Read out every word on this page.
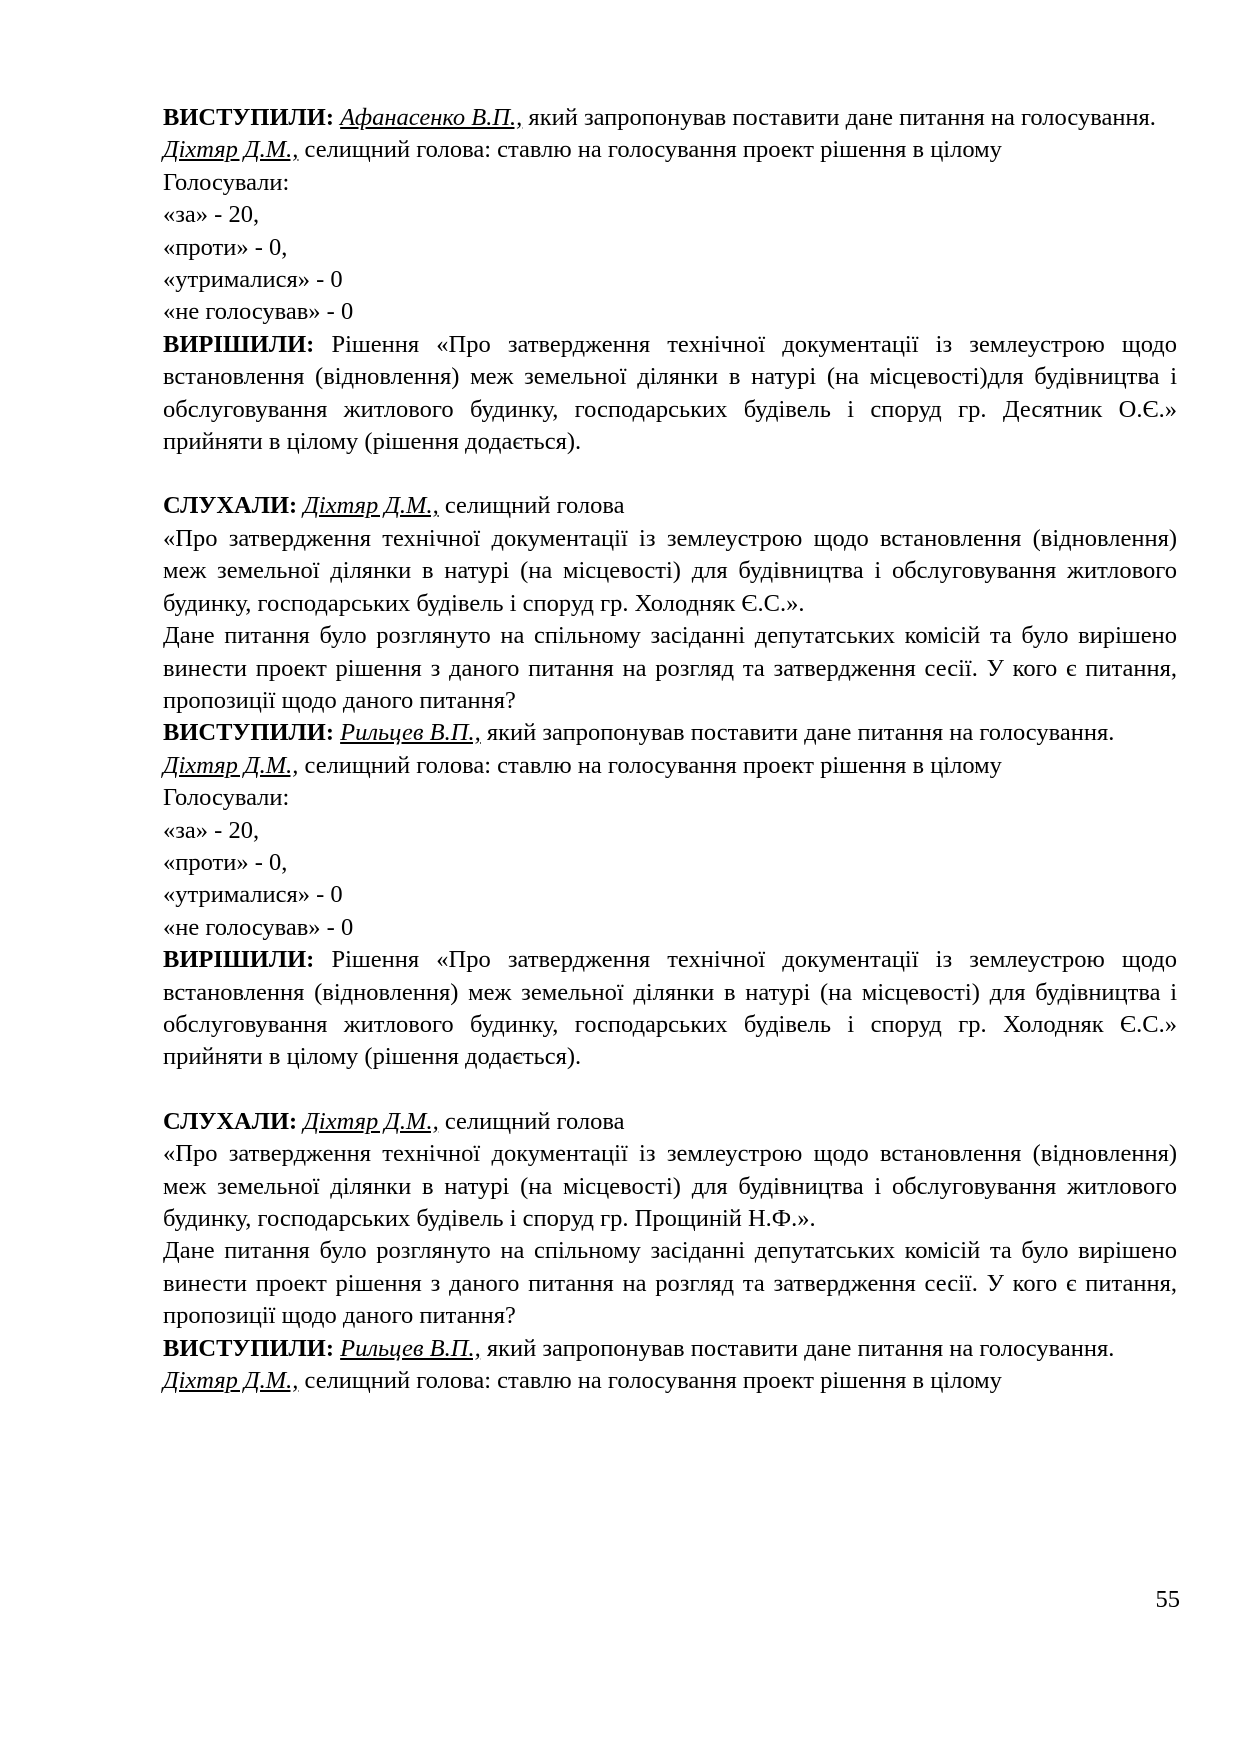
ВИСТУПИЛИ: Афанасенко В.П., який запропонував поставити дане питання на голосування.

Діхтяр Д.М., селищний голова: ставлю на голосування проект рішення в цілому

Голосували:

«за» - 20,

«проти» - 0,

«утрималися» - 0

«не голосував» - 0

ВИРІШИЛИ: Рішення «Про затвердження технічної документації із землеустрою щодо встановлення (відновлення) меж земельної ділянки в натурі (на місцевості)для будівництва і обслуговування житлового будинку, господарських будівель і споруд гр. Десятник О.Є.» прийняти в цілому (рішення додається).

СЛУХАЛИ: Діхтяр Д.М., селищний голова

«Про затвердження технічної документації із землеустрою щодо встановлення (відновлення) меж земельної ділянки в натурі (на місцевості) для будівництва і обслуговування житлового будинку, господарських будівель і споруд гр. Холодняк Є.С.».

Дане питання було розглянуто на спільному засіданні депутатських комісій та було вирішено винести проект рішення з даного питання на розгляд та затвердження сесії. У кого є питання, пропозиції щодо даного питання?

ВИСТУПИЛИ: Рильцев В.П., який запропонував поставити дане питання на голосування.

Діхтяр Д.М., селищний голова: ставлю на голосування проект рішення в цілому

Голосували:

«за» - 20,

«проти» - 0,

«утрималися» - 0

«не голосував» - 0

ВИРІШИЛИ: Рішення «Про затвердження технічної документації із землеустрою щодо встановлення (відновлення) меж земельної ділянки в натурі (на місцевості) для будівництва і обслуговування житлового будинку, господарських будівель і споруд гр. Холодняк Є.С.» прийняти в цілому (рішення додається).

СЛУХАЛИ: Діхтяр Д.М., селищний голова

«Про затвердження технічної документації із землеустрою щодо встановлення (відновлення) меж земельної ділянки в натурі (на місцевості) для будівництва і обслуговування житлового будинку, господарських будівель і споруд гр. Прощиній Н.Ф.».

Дане питання було розглянуто на спільному засіданні депутатських комісій та було вирішено винести проект рішення з даного питання на розгляд та затвердження сесії. У кого є питання, пропозиції щодо даного питання?

ВИСТУПИЛИ: Рильцев В.П., який запропонував поставити дане питання на голосування.

Діхтяр Д.М., селищний голова: ставлю на голосування проект рішення в цілому

55
